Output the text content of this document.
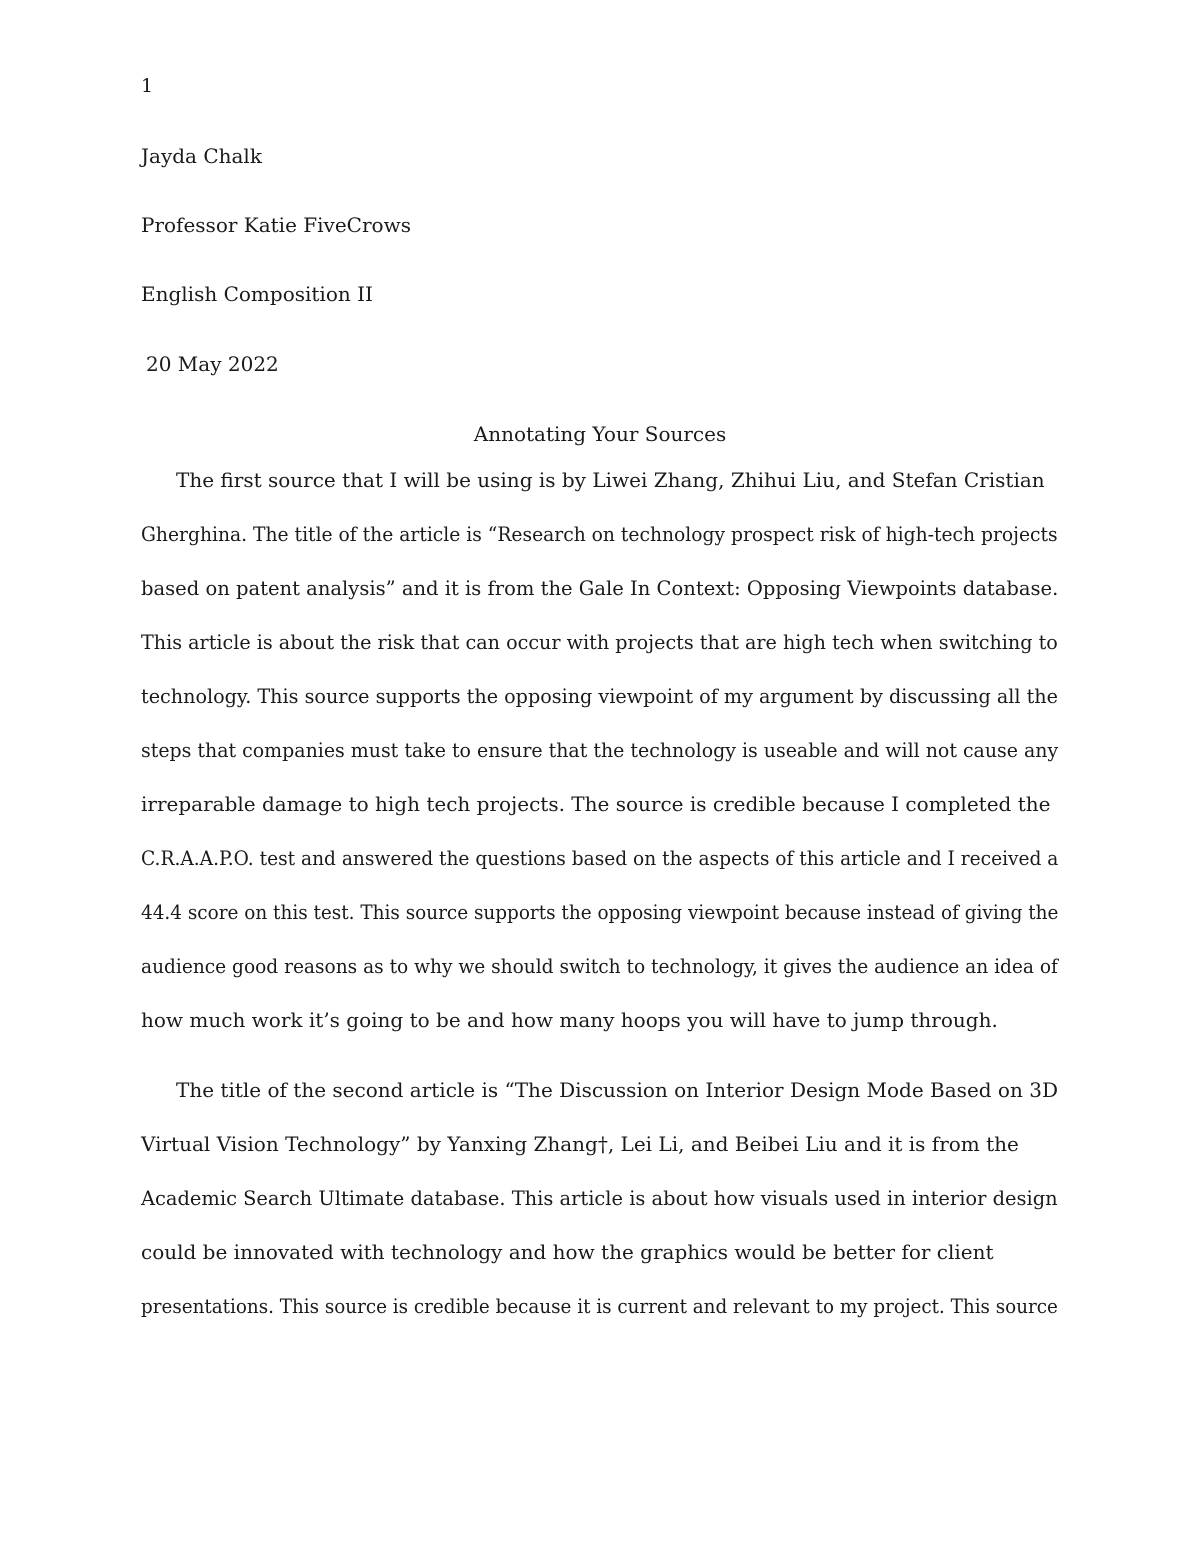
1
Jayda Chalk
Professor Katie FiveCrows
English Composition II
20 May 2022
Annotating Your Sources
The first source that I will be using is by Liwei Zhang, Zhihui Liu, and Stefan Cristian
Gherghina. The title of the article is “Research on technology prospect risk of high-tech projects
based on patent analysis” and it is from the Gale In Context: Opposing Viewpoints database.
This article is about the risk that can occur with projects that are high tech when switching to
technology. This source supports the opposing viewpoint of my argument by discussing all the
steps that companies must take to ensure that the technology is useable and will not cause any
irreparable damage to high tech projects. The source is credible because I completed the
C.R.A.A.P.O. test and answered the questions based on the aspects of this article and I received a
44.4 score on this test. This source supports the opposing viewpoint because instead of giving the
audience good reasons as to why we should switch to technology, it gives the audience an idea of
how much work it’s going to be and how many hoops you will have to jump through.
The title of the second article is “The Discussion on Interior Design Mode Based on 3D
Virtual Vision Technology” by Yanxing Zhang†, Lei Li, and Beibei Liu and it is from the
Academic Search Ultimate database. This article is about how visuals used in interior design
could be innovated with technology and how the graphics would be better for client
presentations. This source is credible because it is current and relevant to my project. This source
